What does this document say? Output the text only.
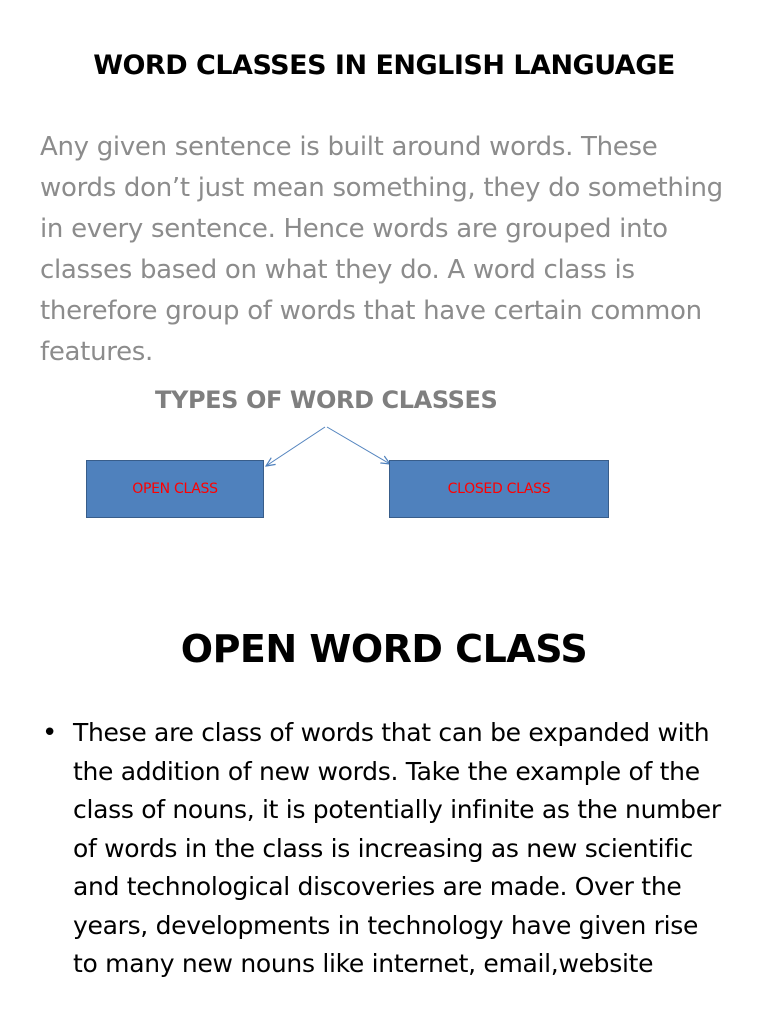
WORD CLASSES IN ENGLISH LANGUAGE

Any given sentence is built around words. These words don’t just mean something, they do something in every sentence. Hence words are grouped into classes based on what they do. A word class is therefore group of words that have certain common features.

TYPES OF WORD CLASSES
OPEN CLASS	CLOSED CLASS
OPEN WORD CLASS
• These are class of words that can be expanded with the addition of new words. Take the example of the class of nouns, it is potentially infinite as the number of words in the class is increasing as new scientific and technological discoveries are made. Over the years, developments in technology have given rise to many new nouns like internet, email,website
